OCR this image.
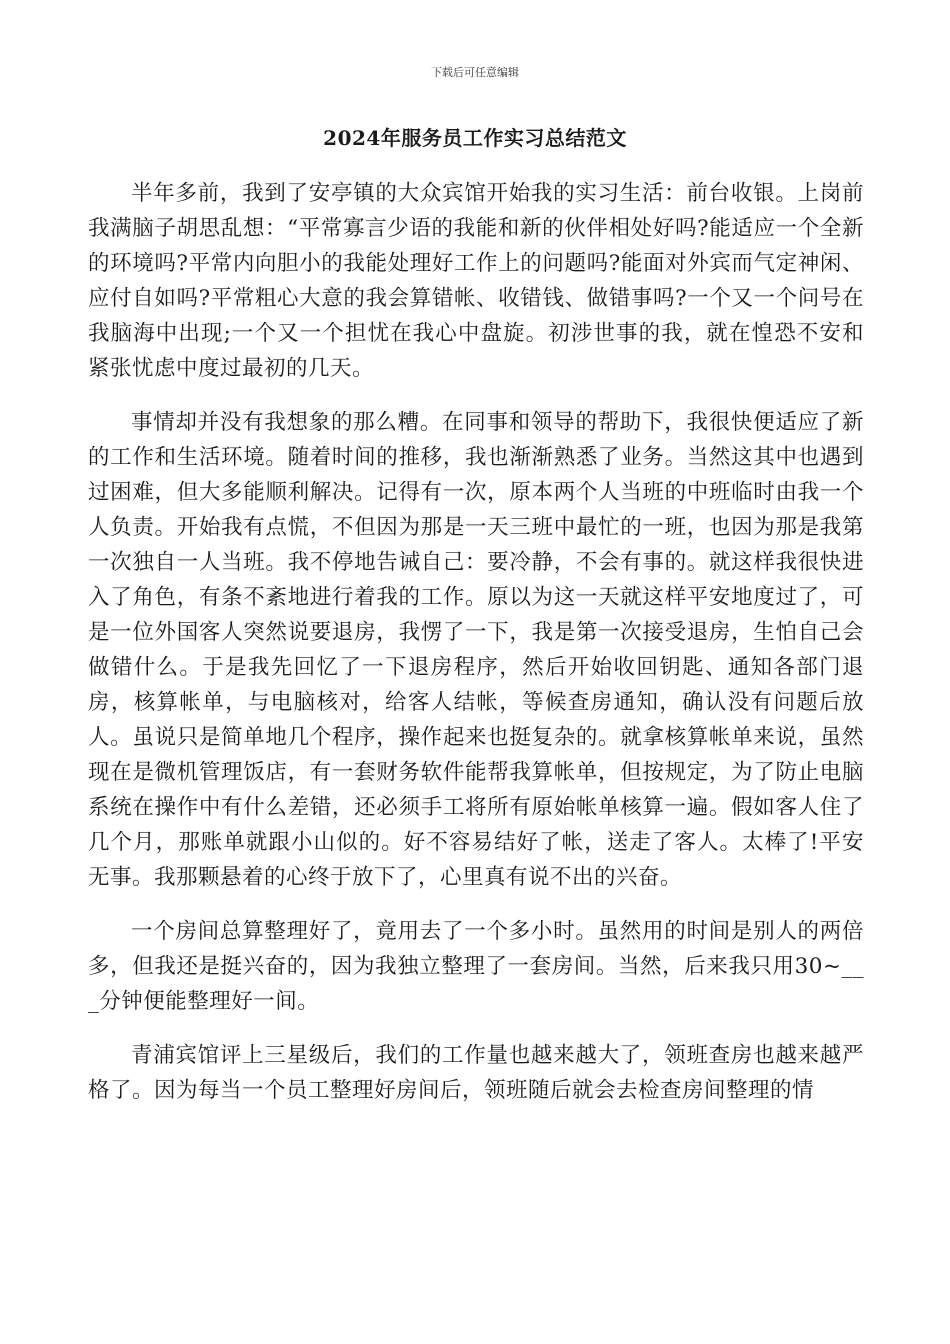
下载后可任意编辑
2024年服务员工作实习总结范文

半年多前，我到了安亭镇的大众宾馆开始我的实习生活：前台收银。上岗前我满脑子胡思乱想：“平常寡言少语的我能和新的伙伴相处好吗?能适应一个全新的环境吗?平常内向胆小的我能处理好工作上的问题吗?能面对外宾而气定神闲、应付自如吗?平常粗心大意的我会算错帐、收错钱、做错事吗?一个又一个问号在我脑海中出现;一个又一个担忧在我心中盘旋。初涉世事的我，就在惶恐不安和紧张忧虑中度过最初的几天。

事情却并没有我想象的那么糟。在同事和领导的帮助下，我很快便适应了新的工作和生活环境。随着时间的推移，我也渐渐熟悉了业务。当然这其中也遇到过困难，但大多能顺利解决。记得有一次，原本两个人当班的中班临时由我一个人负责。开始我有点慌，不但因为那是一天三班中最忙的一班，也因为那是我第一次独自一人当班。我不停地告诫自己：要冷静，不会有事的。就这样我很快进入了角色，有条不紊地进行着我的工作。原以为这一天就这样平安地度过了，可是一位外国客人突然说要退房，我愣了一下，我是第一次接受退房，生怕自己会做错什么。于是我先回忆了一下退房程序，然后开始收回钥匙、通知各部门退房，核算帐单，与电脑核对，给客人结帐，等候查房通知，确认没有问题后放人。虽说只是简单地几个程序，操作起来也挺复杂的。就拿核算帐单来说，虽然现在是微机管理饭店，有一套财务软件能帮我算帐单，但按规定，为了防止电脑系统在操作中有什么差错，还必须手工将所有原始帐单核算一遍。假如客人住了几个月，那账单就跟小山似的。好不容易结好了帐，送走了客人。太棒了!平安无事。我那颗悬着的心终于放下了，心里真有说不出的兴奋。

一个房间总算整理好了，竟用去了一个多小时。虽然用的时间是别人的两倍多，但我还是挺兴奋的，因为我独立整理了一套房间。当然，后来我只用30~___分钟便能整理好一间。

青浦宾馆评上三星级后，我们的工作量也越来越大了，领班查房也越来越严格了。因为每当一个员工整理好房间后，领班随后就会去检查房间整理的情
